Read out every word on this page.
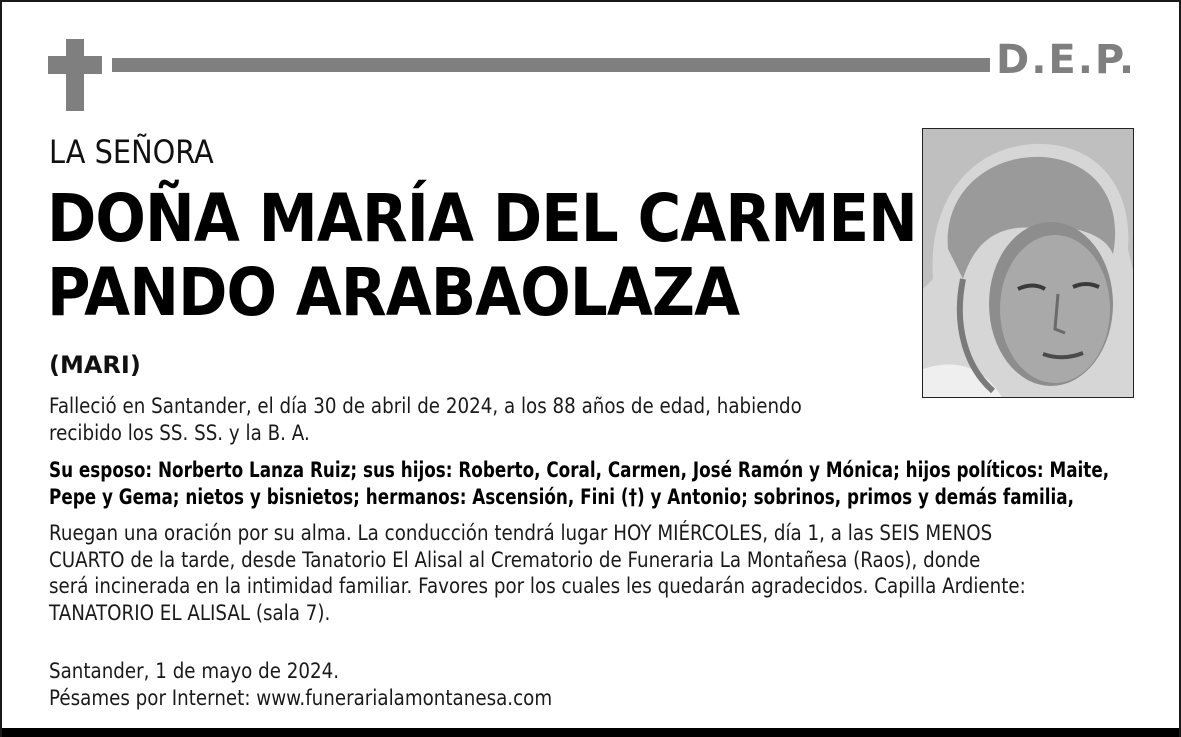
D.E.P.
LA SEÑORA
DOÑA MARÍA DEL CARMEN
PANDO ARABAOLAZA
(MARI)
Falleció en Santander, el día 30 de abril de 2024, a los 88 años de edad, habiendo
recibido los SS. SS. y la B. A.
Su esposo: Norberto Lanza Ruiz; sus hijos: Roberto, Coral, Carmen, José Ramón y Mónica; hijos políticos: Maite,
Pepe y Gema; nietos y bisnietos; hermanos: Ascensión, Fini (†) y Antonio; sobrinos, primos y demás familia,
Ruegan una oración por su alma. La conducción tendrá lugar HOY MIÉRCOLES, día 1, a las SEIS MENOS
CUARTO de la tarde, desde Tanatorio El Alisal al Crematorio de Funeraria La Montañesa (Raos), donde
será incinerada en la intimidad familiar. Favores por los cuales les quedarán agradecidos. Capilla Ardiente:
TANATORIO EL ALISAL (sala 7).
Santander, 1 de mayo de 2024.
Pésames por Internet: www.funerarialamontanesa.com
